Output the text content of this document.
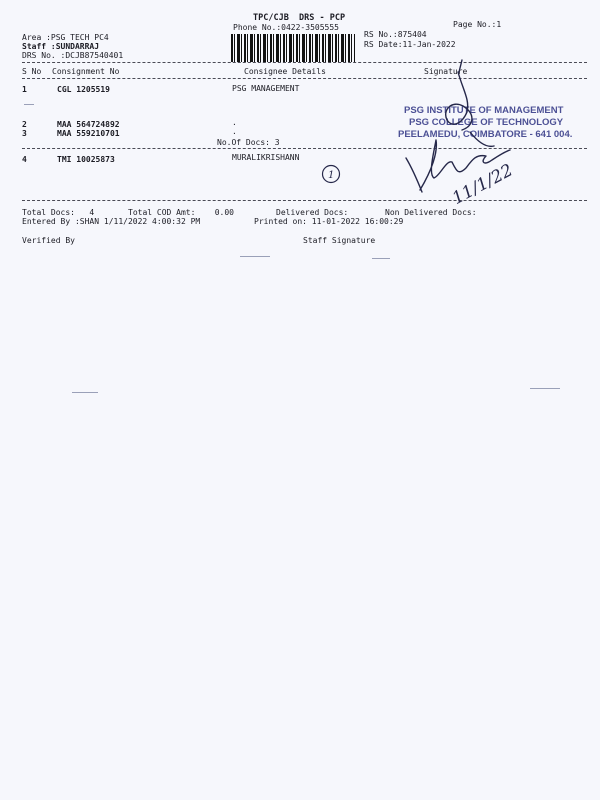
TPC/CJB  DRS - PCP
Phone No.:0422-3505555	Page No.:1
Area :PSG TECH PC4
Staff :SUNDARRAJ
DRS No. :DCJB87540401
RS No.:875404
RS Date:11-Jan-2022
S No Consignment No	Consignee Details	Signature
1	CGL 1205519	PSG MANAGEMENT
2	MAA 564724892	.
3	MAA 559210701	.
No.Of Docs: 3
4	TMI 10025873	MURALIKRISHANN
Total Docs:   4	Total COD Amt:    0.00	Delivered Docs:	Non Delivered Docs:
Entered By :SHAN 1/11/2022 4:00:32 PM	Printed on: 11-01-2022 16:00:29
Verified By	Staff Signature
PSG INSTITUTE OF MANAGEMENT
PSG COLLEGE OF TECHNOLOGY
PEELAMEDU, COIMBATORE - 641 004.
1	11/1/22
